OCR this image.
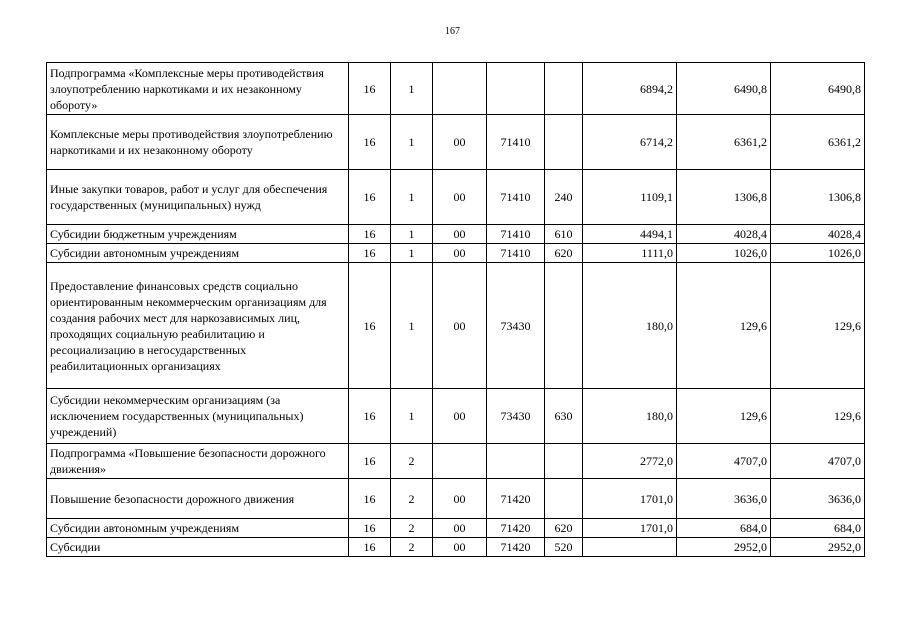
167
Подпрограмма «Комплексные меры противодействия злоупотреблению наркотиками и их незаконному обороту»	16	1				6894,2	6490,8	6490,8
Комплексные меры противодействия злоупотреблению наркотиками и их незаконному обороту	16	1	00	71410		6714,2	6361,2	6361,2
Иные закупки товаров, работ и услуг для обеспечения государственных (муниципальных) нужд	16	1	00	71410	240	1109,1	1306,8	1306,8
Субсидии бюджетным учреждениям	16	1	00	71410	610	4494,1	4028,4	4028,4
Субсидии автономным учреждениям	16	1	00	71410	620	1111,0	1026,0	1026,0
Предоставление финансовых средств социально ориентированным некоммерческим организациям для создания рабочих мест для наркозависимых лиц, проходящих социальную реабилитацию и ресоциализацию в негосударственных реабилитационных организациях	16	1	00	73430		180,0	129,6	129,6
Субсидии некоммерческим организациям (за исключением государственных (муниципальных) учреждений)	16	1	00	73430	630	180,0	129,6	129,6
Подпрограмма «Повышение безопасности дорожного движения»	16	2				2772,0	4707,0	4707,0
Повышение безопасности дорожного движения	16	2	00	71420		1701,0	3636,0	3636,0
Субсидии автономным учреждениям	16	2	00	71420	620	1701,0	684,0	684,0
Субсидии	16	2	00	71420	520		2952,0	2952,0
